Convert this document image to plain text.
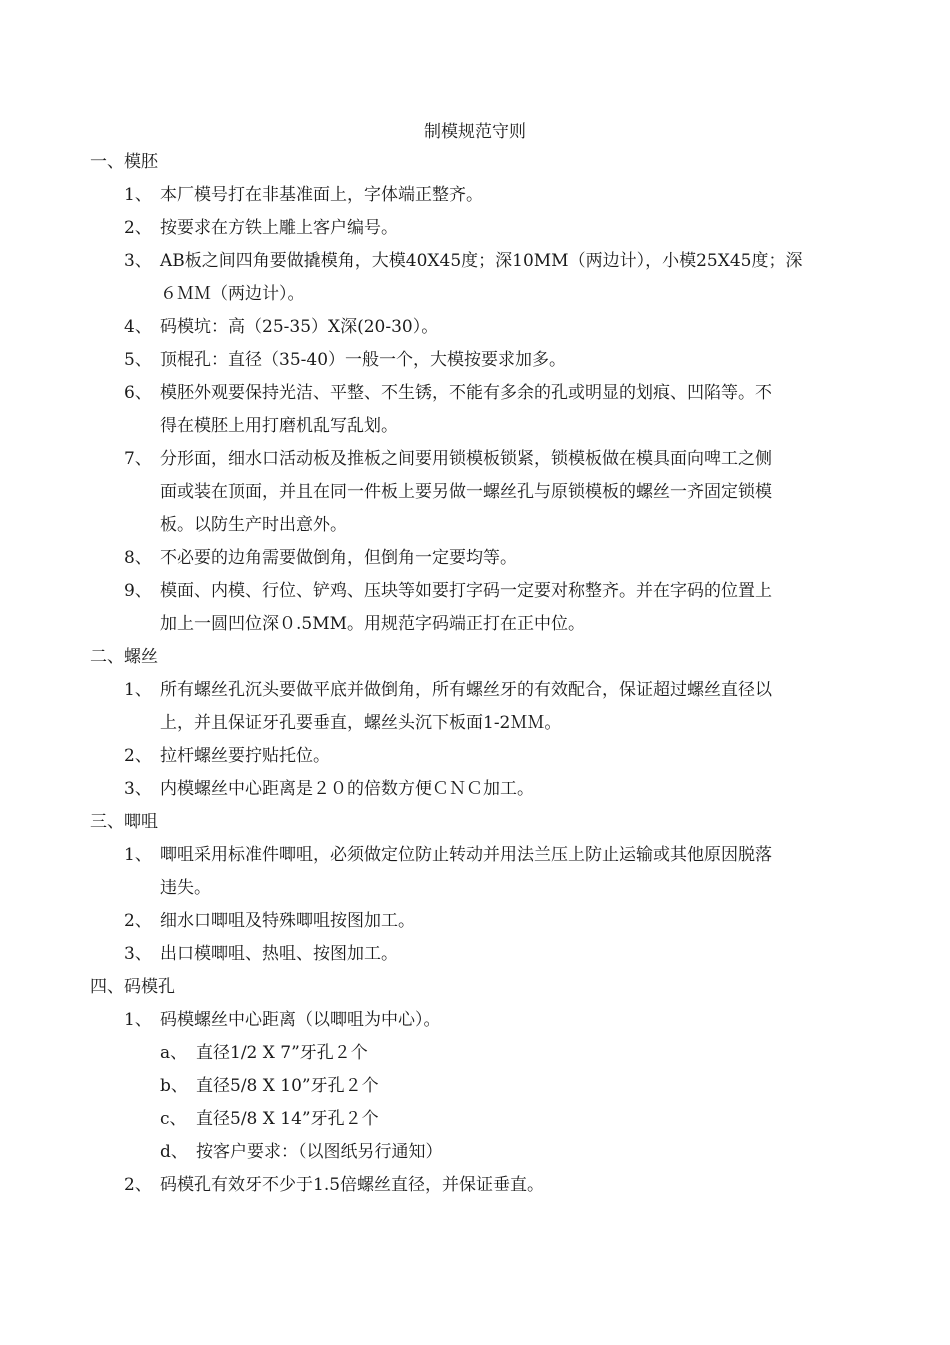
制模规范守则
一、模胚
1、 本厂模号打在非基准面上，字体端正整齐。
2、 按要求在方铁上雕上客户编号。
3、 AB板之间四角要做撬模角，大模40X45度；深10MM（两边计），小模25X45度；深
６ＭＭ（两边计）。
4、 码模坑：高（25-35）X深(20-30）。
5、 顶棍孔：直径（35-40）一般一个，大模按要求加多。
6、 模胚外观要保持光洁、平整、不生锈，不能有多余的孔或明显的划痕、凹陷等。不
得在模胚上用打磨机乱写乱划。
7、 分形面，细水口活动板及推板之间要用锁模板锁紧，锁模板做在模具面向啤工之侧
面或装在顶面，并且在同一件板上要另做一螺丝孔与原锁模板的螺丝一齐固定锁模
板。以防生产时出意外。
8、 不必要的边角需要做倒角，但倒角一定要均等。
9、 模面、内模、行位、铲鸡、压块等如要打字码一定要对称整齐。并在字码的位置上
加上一圆凹位深０.5MM。用规范字码端正打在正中位。
二、螺丝
1、 所有螺丝孔沉头要做平底并做倒角，所有螺丝牙的有效配合，保证超过螺丝直径以
上，并且保证牙孔要垂直，螺丝头沉下板面1-2ＭＭ。
2、 拉杆螺丝要拧贴托位。
3、 内模螺丝中心距离是２０的倍数方便ＣＮＣ加工。
三、唧咀
1、 唧咀采用标准件唧咀，必须做定位防止转动并用法兰压上防止运输或其他原因脱落
违失。
2、 细水口唧咀及特殊唧咀按图加工。
3、 出口模唧咀、热咀、按图加工。
四、码模孔
1、 码模螺丝中心距离（以唧咀为中心）。
a、 直径1/2 X 7”牙孔２个
b、 直径5/8 X 10”牙孔２个
c、 直径5/8 X 14”牙孔２个
d、 按客户要求：（以图纸另行通知）
2、 码模孔有效牙不少于1.5倍螺丝直径，并保证垂直。
